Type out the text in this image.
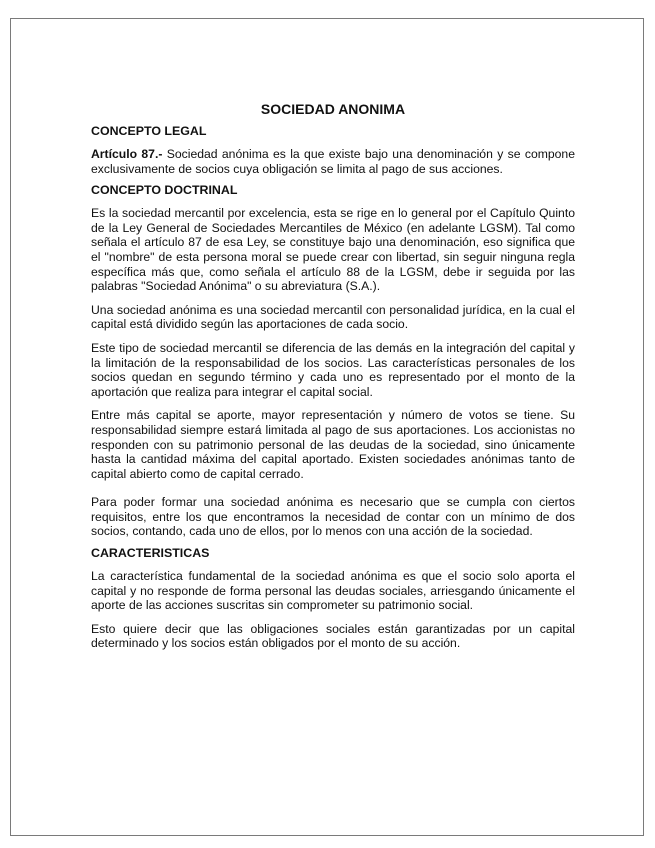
SOCIEDAD ANONIMA
CONCEPTO LEGAL

Artículo 87.- Sociedad anónima es la que existe bajo una denominación y se compone exclusivamente de socios cuya obligación se limita al pago de sus acciones.

CONCEPTO DOCTRINAL

Es la sociedad mercantil por excelencia, esta se rige en lo general por el Capítulo Quinto de la Ley General de Sociedades Mercantiles de México (en adelante LGSM). Tal como señala el artículo 87 de esa Ley, se constituye bajo una denominación, eso significa que el "nombre" de esta persona moral se puede crear con libertad, sin seguir ninguna regla específica más que, como señala el artículo 88 de la LGSM, debe ir seguida por las palabras "Sociedad Anónima" o su abreviatura (S.A.).

Una sociedad anónima es una sociedad mercantil con personalidad jurídica, en la cual el capital está dividido según las aportaciones de cada socio.

Este tipo de sociedad mercantil se diferencia de las demás en la integración del capital y la limitación de la responsabilidad de los socios. Las características personales de los socios quedan en segundo término y cada uno es representado por el monto de la aportación que realiza para integrar el capital social.

Entre más capital se aporte, mayor representación y número de votos se tiene. Su responsabilidad siempre estará limitada al pago de sus aportaciones. Los accionistas no responden con su patrimonio personal de las deudas de la sociedad, sino únicamente hasta la cantidad máxima del capital aportado. Existen sociedades anónimas tanto de capital abierto como de capital cerrado.

Para poder formar una sociedad anónima es necesario que se cumpla con ciertos requisitos, entre los que encontramos la necesidad de contar con un mínimo de dos socios, contando, cada uno de ellos, por lo menos con una acción de la sociedad.

CARACTERISTICAS

La característica fundamental de la sociedad anónima es que el socio solo aporta el capital y no responde de forma personal las deudas sociales, arriesgando únicamente el aporte de las acciones suscritas sin comprometer su patrimonio social.

Esto quiere decir que las obligaciones sociales están garantizadas por un capital determinado y los socios están obligados por el monto de su acción.
